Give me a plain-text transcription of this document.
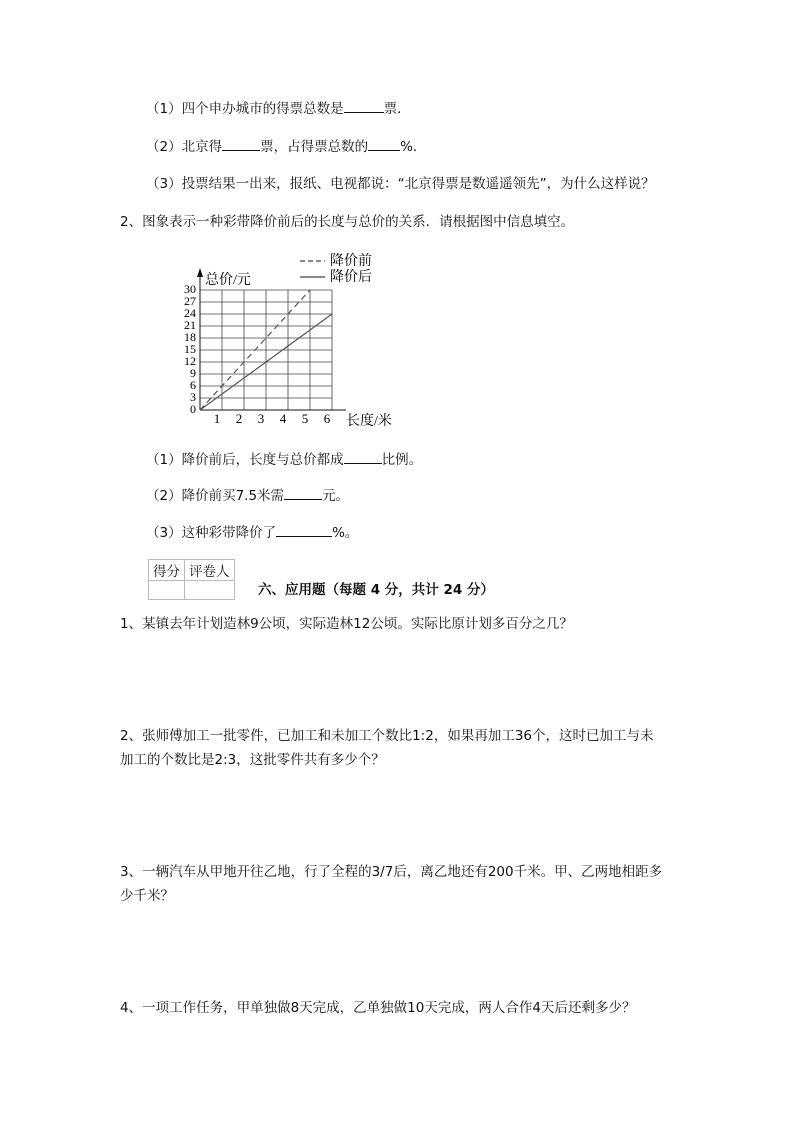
（1）四个申办城市的得票总数是	票．
（2）北京得	票，占得票总数的 %．
（3）投票结果一出来，报纸、电视都说：“北京得票是数遥遥领先”，为什么这样说？
2、图象表示一种彩带降价前后的长度与总价的关系．请根据图中信息填空。
0
3
6
9
12
15
18
21
24
27
30
1 2 3 4 5 6
总价/元
长度/米
降价前
降价后
（1）降价前后，长度与总价都成	比例。
（2）降价前买7.5米需	元。
（3）这种彩带降价了	%。
得分	评卷人

六、应用题（每题 4 分，共计 24 分）
1、某镇去年计划造林9公顷，实际造林12公顷。实际比原计划多百分之几？
2、张师傅加工一批零件，已加工和未加工个数比1:2，如果再加工36个，这时已加工与未
加工的个数比是2:3，这批零件共有多少个？
3、一辆汽车从甲地开往乙地，行了全程的3/7后，离乙地还有200千米。甲、乙两地相距多
少千米？
4、一项工作任务，甲单独做8天完成，乙单独做10天完成，两人合作4天后还剩多少？
